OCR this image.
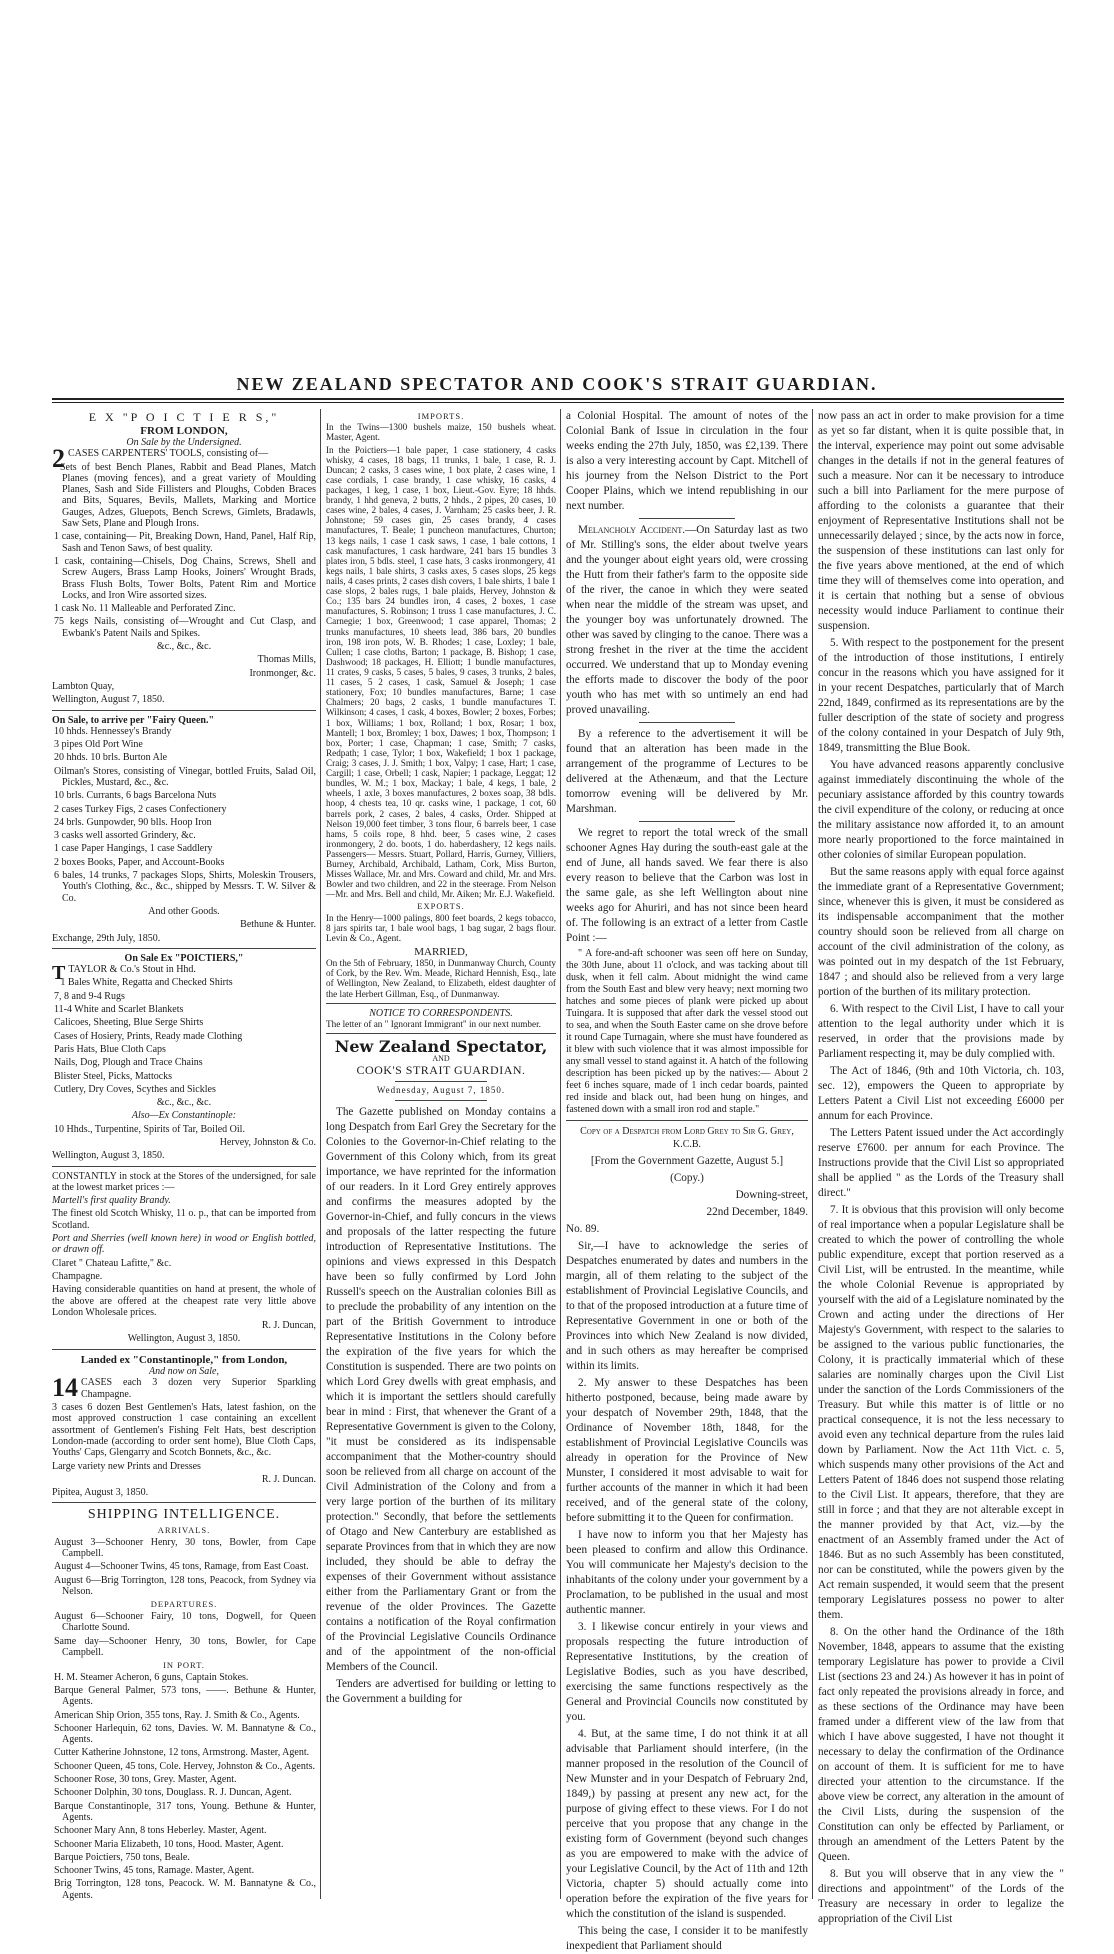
NEW ZEALAND SPECTATOR AND COOK'S STRAIT GUARDIAN.
E X "P O I C T I E R S,"
FROM LONDON,
On Sale by the Undersigned.

2 CASES CARPENTERS' TOOLS, consisting of—

Sets of best Bench Planes, Rabbit and Bead Planes, Match Planes (moving fences), and a great variety of Moulding Planes, Sash and Side Fillisters and Ploughs, Cobden Braces and Bits, Squares, Bevils, Mallets, Marking and Mortice Gauges, Adzes, Gluepots, Bench Screws, Gimlets, Bradawls, Saw Sets, Plane and Plough Irons.

1 case, containing— Pit, Breaking Down, Hand, Panel, Half Rip, Sash and Tenon Saws, of best quality.

1 cask, containing—Chisels, Dog Chains, Screws, Shell and Screw Augers, Brass Lamp Hooks, Joiners' Wrought Brads, Brass Flush Bolts, Tower Bolts, Patent Rim and Mortice Locks, and Iron Wire assorted sizes.

1 cask No. 11 Malleable and Perforated Zinc.

75 kegs Nails, consisting of—Wrought and Cut Clasp, and Ewbank's Patent Nails and Spikes.

&c., &c., &c.

Thomas Mills,

Ironmonger, &c.

Lambton Quay,

Wellington, August 7, 1850.

On Sale, to arrive per "Fairy Queen."

10 hhds. Hennessey's Brandy

3 pipes Old Port Wine

20 hhds. 10 brls. Burton Ale

Oilman's Stores, consisting of Vinegar, bottled Fruits, Salad Oil, Pickles, Mustard, &c., &c.

10 brls. Currants, 6 bags Barcelona Nuts

2 cases Turkey Figs, 2 cases Confectionery

24 brls. Gunpowder, 90 blls. Hoop Iron

3 casks well assorted Grindery, &c.

1 case Paper Hangings, 1 case Saddlery

2 boxes Books, Paper, and Account-Books

6 bales, 14 trunks, 7 packages Slops, Shirts, Moleskin Trousers, Youth's Clothing, &c., &c., shipped by Messrs. T. W. Silver & Co.

And other Goods.

Bethune & Hunter.

Exchange, 29th July, 1850.

On Sale Ex "POICTIERS,"

TTAYLOR & Co.'s Stout in Hhd.

1 Bales White, Regatta and Checked Shirts

7, 8 and 9-4 Rugs

11-4 White and Scarlet Blankets

Calicoes, Sheeting, Blue Serge Shirts

Cases of Hosiery, Prints, Ready made Clothing

Paris Hats, Blue Cloth Caps

Nails, Dog, Plough and Trace Chains

Blister Steel, Picks, Mattocks

Cutlery, Dry Coves, Scythes and Sickles

&c., &c., &c.

Also—Ex Constantinople:

10 Hhds., Turpentine, Spirits of Tar, Boiled Oil.

Hervey, Johnston & Co.

Wellington, August 3, 1850.

CONSTANTLY in stock at the Stores of the undersigned, for sale at the lowest market prices :—

Martell's first quality Brandy.

The finest old Scotch Whisky, 11 o. p., that can be imported from Scotland.

Port and Sherries (well known here) in wood or English bottled, or drawn off.

Claret " Chateau Lafitte," &c.

Champagne.

Having considerable quantities on hand at present, the whole of the above are offered at the cheapest rate very little above London Wholesale prices.

R. J. Duncan,

Wellington, August 3, 1850.

Landed ex "Constantinople," from London,
And now on Sale,

14 CASES each 3 dozen very Superior Sparkling Champagne.

3 cases 6 dozen Best Gentlemen's Hats, latest fashion, on the most approved construction 1 case containing an excellent assortment of Gentlemen's Fishing Felt Hats, best description London-made (according to order sent home), Blue Cloth Caps, Youths' Caps, Glengarry and Scotch Bonnets, &c., &c.

Large variety new Prints and Dresses

R. J. Duncan.

Pipitea, August 3, 1850.

SHIPPING INTELLIGENCE.
ARRIVALS.

August 3—Schooner Henry, 30 tons, Bowler, from Cape Campbell.

August 4—Schooner Twins, 45 tons, Ramage, from East Coast.

August 6—Brig Torrington, 128 tons, Peacock, from Sydney via Nelson.

DEPARTURES.

August 6—Schooner Fairy, 10 tons, Dogwell, for Queen Charlotte Sound.

Same day—Schooner Henry, 30 tons, Bowler, for Cape Campbell.

IN PORT.

H. M. Steamer Acheron, 6 guns, Captain Stokes.

Barque General Palmer, 573 tons, ——. Bethune & Hunter, Agents.

American Ship Orion, 355 tons, Ray. J. Smith & Co., Agents.

Schooner Harlequin, 62 tons, Davies. W. M. Bannatyne & Co., Agents.

Cutter Katherine Johnstone, 12 tons, Armstrong. Master, Agent.

Schooner Queen, 45 tons, Cole. Hervey, Johnston & Co., Agents.

Schooner Rose, 30 tons, Grey. Master, Agent.

Schooner Dolphin, 30 tons, Douglass. R. J. Duncan, Agent.

Barque Constantinople, 317 tons, Young. Bethune & Hunter, Agents.

Schooner Mary Ann, 8 tons Heberley. Master, Agent.

Schooner Maria Elizabeth, 10 tons, Hood. Master, Agent.

Barque Poictiers, 750 tons, Beale.

Schooner Twins, 45 tons, Ramage. Master, Agent.

Brig Torrington, 128 tons, Peacock. W. M. Bannatyne & Co., Agents.

IMPORTS.

In the Twins—1300 bushels maize, 150 bushels wheat. Master, Agent.

In the Poictiers—1 bale paper, 1 case stationery, 4 casks whisky, 4 cases, 18 bags, 11 trunks, 1 bale, 1 case, R. J. Duncan; 2 casks, 3 cases wine, 1 box plate, 2 cases wine, 1 case cordials, 1 case brandy, 1 case whisky, 16 casks, 4 packages, 1 keg, 1 case, 1 box, Lieut.-Gov. Eyre; 18 hhds. brandy, 1 hhd geneva, 2 butts, 2 hhds., 2 pipes, 20 cases, 10 cases wine, 2 bales, 4 cases, J. Varnham; 25 casks beer, J. R. Johnstone; 59 cases gin, 25 cases brandy, 4 cases manufactures, T. Beale; 1 puncheon manufactures, Churton; 13 kegs nails, 1 case 1 cask saws, 1 case, 1 bale cottons, 1 cask manufactures, 1 cask hardware, 241 bars 15 bundles 3 plates iron, 5 bdls. steel, 1 case hats, 3 casks ironmongery, 41 kegs nails, 1 bale shirts, 3 casks axes, 5 cases slops, 25 kegs nails, 4 cases prints, 2 cases dish covers, 1 bale shirts, 1 bale 1 case slops, 2 bales rugs, 1 bale plaids, Hervey, Johnston & Co.; 135 bars 24 bundles iron, 4 cases, 2 boxes, 1 case manufactures, S. Robinson; 1 truss 1 case manufactures, J. C. Carnegie; 1 box, Greenwood; 1 case apparel, Thomas; 2 trunks manufactures, 10 sheets lead, 386 bars, 20 bundles iron, 198 iron pots, W. B. Rhodes; 1 case, Loxley; 1 bale, Cullen; 1 case cloths, Barton; 1 package, B. Bishop; 1 case, Dashwood; 18 packages, H. Elliott; 1 bundle manufactures, 11 crates, 9 casks, 5 cases, 5 bales, 9 cases, 3 trunks, 2 bales, 11 cases, 5 2 cases, 1 cask, Samuel & Joseph; 1 case stationery, Fox; 10 bundles manufactures, Barne; 1 case Chalmers; 20 bags, 2 casks, 1 bundle manufactures T. Wilkinson; 4 cases, 1 cask, 4 boxes, Bowler; 2 boxes, Forbes; 1 box, Williams; 1 box, Rolland; 1 box, Rosar; 1 box, Mantell; 1 box, Bromley; 1 box, Dawes; 1 box, Thompson; 1 box, Porter; 1 case, Chapman; 1 case, Smith; 7 casks, Redpath; 1 case, Tylor; 1 box, Wakefield; 1 box 1 package, Craig; 3 cases, J. J. Smith; 1 box, Valpy; 1 case, Hart; 1 case, Cargill; 1 case, Orbell; 1 cask, Napier; 1 package, Leggat; 12 bundles, W. M.; 1 box, Mackay; 1 bale, 4 kegs, 1 bale, 2 wheels, 1 axle, 3 boxes manufactures, 2 boxes soap, 38 bdls. hoop, 4 chests tea, 10 qr. casks wine, 1 package, 1 cot, 60 barrels pork, 2 cases, 2 bales, 4 casks, Order. Shipped at Nelson 19,000 feet timber, 3 tons flour, 6 barrels beer, 1 case hams, 5 coils rope, 8 hhd. beer, 5 cases wine, 2 cases ironmongery, 2 do. boots, 1 do. haberdashery, 12 kegs nails. Passengers— Messrs. Stuart, Pollard, Harris, Gurney, Villiers, Burney, Archibald, Archibald, Latham, Cork, Miss Burton, Misses Wallace, Mr. and Mrs. Coward and child, Mr. and Mrs. Bowler and two children, and 22 in the steerage. From Nelson—Mr. and Mrs. Bell and child, Mr. Aiken; Mr. E.J. Wakefield.

EXPORTS.

In the Henry—1000 palings, 800 feet boards, 2 kegs tobacco, 8 jars spirits tar, 1 bale wool bags, 1 bag sugar, 2 bags flour. Levin & Co., Agent.

MARRIED,

On the 5th of February, 1850, in Dunmanway Church, County of Cork, by the Rev. Wm. Meade, Richard Hennish, Esq., late of Wellington, New Zealand, to Elizabeth, eldest daughter of the late Herbert Gillman, Esq., of Dunmanway.

NOTICE TO CORRESPONDENTS.

The letter of an " Ignorant Immigrant" in our next number.

New Zealand Spectator,
AND
COOK'S STRAIT GUARDIAN.
Wednesday, August 7, 1850.

The Gazette published on Monday contains a long Despatch from Earl Grey the Secretary for the Colonies to the Governor-in-Chief relating to the Government of this Colony which, from its great importance, we have reprinted for the information of our readers. In it Lord Grey entirely approves and confirms the measures adopted by the Governor-in-Chief, and fully concurs in the views and proposals of the latter respecting the future introduction of Representative Institutions. The opinions and views expressed in this Despatch have been so fully confirmed by Lord John Russell's speech on the Australian colonies Bill as to preclude the probability of any intention on the part of the British Government to introduce Representative Institutions in the Colony before the expiration of the five years for which the Constitution is suspended. There are two points on which Lord Grey dwells with great emphasis, and which it is important the settlers should carefully bear in mind : First, that whenever the Grant of a Representative Government is given to the Colony, "it must be considered as its indispensable accompaniment that the Mother-country should soon be relieved from all charge on account of the Civil Administration of the Colony and from a very large portion of the burthen of its military protection." Secondly, that before the settlements of Otago and New Canterbury are established as separate Provinces from that in which they are now included, they should be able to defray the expenses of their Government without assistance either from the Parliamentary Grant or from the revenue of the older Provinces. The Gazette contains a notification of the Royal confirmation of the Provincial Legislative Councils Ordinance and of the appointment of the non-official Members of the Council.

Tenders are advertised for building or letting to the Government a building for

a Colonial Hospital. The amount of notes of the Colonial Bank of Issue in circulation in the four weeks ending the 27th July, 1850, was £2,139. There is also a very interesting account by Capt. Mitchell of his journey from the Nelson District to the Port Cooper Plains, which we intend republishing in our next number.

Melancholy Accident.—On Saturday last as two of Mr. Stilling's sons, the elder about twelve years and the younger about eight years old, were crossing the Hutt from their father's farm to the opposite side of the river, the canoe in which they were seated when near the middle of the stream was upset, and the younger boy was unfortunately drowned. The other was saved by clinging to the canoe. There was a strong freshet in the river at the time the accident occurred. We understand that up to Monday evening the efforts made to discover the body of the poor youth who has met with so untimely an end had proved unavailing.

By a reference to the advertisement it will be found that an alteration has been made in the arrangement of the programme of Lectures to be delivered at the Athenæum, and that the Lecture tomorrow evening will be delivered by Mr. Marshman.

We regret to report the total wreck of the small schooner Agnes Hay during the south-east gale at the end of June, all hands saved. We fear there is also every reason to believe that the Carbon was lost in the same gale, as she left Wellington about nine weeks ago for Ahuriri, and has not since been heard of. The following is an extract of a letter from Castle Point :—

" A fore-and-aft schooner was seen off here on Sunday, the 30th June, about 11 o'clock, and was tacking about till dusk, when it fell calm. About midnight the wind came from the South East and blew very heavy; next morning two hatches and some pieces of plank were picked up about Tuingara. It is supposed that after dark the vessel stood out to sea, and when the South Easter came on she drove before it round Cape Turnagain, where she must have foundered as it blew with such violence that it was almost impossible for any small vessel to stand against it. A hatch of the following description has been picked up by the natives:— About 2 feet 6 inches square, made of 1 inch cedar boards, painted red inside and black out, had been hung on hinges, and fastened down with a small iron rod and staple."

Copy of a Despatch from Lord Grey to Sir G. Grey, K.C.B.

[From the Government Gazette, August 5.]

(Copy.)

Downing-street,

22nd December, 1849.

No. 89.

Sir,—I have to acknowledge the series of Despatches enumerated by dates and numbers in the margin, all of them relating to the subject of the establishment of Provincial Legislative Councils, and to that of the proposed introduction at a future time of Representative Government in one or both of the Provinces into which New Zealand is now divided, and in such others as may hereafter be comprised within its limits.

2. My answer to these Despatches has been hitherto postponed, because, being made aware by your despatch of November 29th, 1848, that the Ordinance of November 18th, 1848, for the establishment of Provincial Legislative Councils was already in operation for the Province of New Munster, I considered it most advisable to wait for further accounts of the manner in which it had been received, and of the general state of the colony, before submitting it to the Queen for confirmation.

I have now to inform you that her Majesty has been pleased to confirm and allow this Ordinance. You will communicate her Majesty's decision to the inhabitants of the colony under your government by a Proclamation, to be published in the usual and most authentic manner.

3. I likewise concur entirely in your views and proposals respecting the future introduction of Representative Institutions, by the creation of Legislative Bodies, such as you have described, exercising the same functions respectively as the General and Provincial Councils now constituted by you.

4. But, at the same time, I do not think it at all advisable that Parliament should interfere, (in the manner proposed in the resolution of the Council of New Munster and in your Despatch of February 2nd, 1849,) by passing at present any new act, for the purpose of giving effect to these views. For I do not perceive that you propose that any change in the existing form of Government (beyond such changes as you are empowered to make with the advice of your Legislative Council, by the Act of 11th and 12th Victoria, chapter 5) should actually come into operation before the expiration of the five years for which the constitution of the island is suspended.

This being the case, I consider it to be manifestly inexpedient that Parliament should

now pass an act in order to make provision for a time as yet so far distant, when it is quite possible that, in the interval, experience may point out some advisable changes in the details if not in the general features of such a measure. Nor can it be necessary to introduce such a bill into Parliament for the mere purpose of affording to the colonists a guarantee that their enjoyment of Representative Institutions shall not be unnecessarily delayed ; since, by the acts now in force, the suspension of these institutions can last only for the five years above mentioned, at the end of which time they will of themselves come into operation, and it is certain that nothing but a sense of obvious necessity would induce Parliament to continue their suspension.

5. With respect to the postponement for the present of the introduction of those institutions, I entirely concur in the reasons which you have assigned for it in your recent Despatches, particularly that of March 22nd, 1849, confirmed as its representations are by the fuller description of the state of society and progress of the colony contained in your Despatch of July 9th, 1849, transmitting the Blue Book.

You have advanced reasons apparently conclusive against immediately discontinuing the whole of the pecuniary assistance afforded by this country towards the civil expenditure of the colony, or reducing at once the military assistance now afforded it, to an amount more nearly proportioned to the force maintained in other colonies of similar European population.

But the same reasons apply with equal force against the immediate grant of a Representative Government; since, whenever this is given, it must be considered as its indispensable accompaniment that the mother country should soon be relieved from all charge on account of the civil administration of the colony, as was pointed out in my despatch of the 1st February, 1847 ; and should also be relieved from a very large portion of the burthen of its military protection.

6. With respect to the Civil List, I have to call your attention to the legal authority under which it is reserved, in order that the provisions made by Parliament respecting it, may be duly complied with.

The Act of 1846, (9th and 10th Victoria, ch. 103, sec. 12), empowers the Queen to appropriate by Letters Patent a Civil List not exceeding £6000 per annum for each Province.

The Letters Patent issued under the Act accordingly reserve £7600. per annum for each Province. The Instructions provide that the Civil List so appropriated shall be applied " as the Lords of the Treasury shall direct."

7. It is obvious that this provision will only become of real importance when a popular Legislature shall be created to which the power of controlling the whole public expenditure, except that portion reserved as a Civil List, will be entrusted. In the meantime, while the whole Colonial Revenue is appropriated by yourself with the aid of a Legislature nominated by the Crown and acting under the directions of Her Majesty's Government, with respect to the salaries to be assigned to the various public functionaries, the Colony, it is practically immaterial which of these salaries are nominally charges upon the Civil List under the sanction of the Lords Commissioners of the Treasury. But while this matter is of little or no practical consequence, it is not the less necessary to avoid even any technical departure from the rules laid down by Parliament. Now the Act 11th Vict. c. 5, which suspends many other provisions of the Act and Letters Patent of 1846 does not suspend those relating to the Civil List. It appears, therefore, that they are still in force ; and that they are not alterable except in the manner provided by that Act, viz.—by the enactment of an Assembly framed under the Act of 1846. But as no such Assembly has been constituted, nor can be constituted, while the powers given by the Act remain suspended, it would seem that the present temporary Legislatures possess no power to alter them.

8. On the other hand the Ordinance of the 18th November, 1848, appears to assume that the existing temporary Legislature has power to provide a Civil List (sections 23 and 24.) As however it has in point of fact only repeated the provisions already in force, and as these sections of the Ordinance may have been framed under a different view of the law from that which I have above suggested, I have not thought it necessary to delay the confirmation of the Ordinance on account of them. It is sufficient for me to have directed your attention to the circumstance. If the above view be correct, any alteration in the amount of the Civil Lists, during the suspension of the Constitution can only be effected by Parliament, or through an amendment of the Letters Patent by the Queen.

8. But you will observe that in any view the " directions and appointment" of the Lords of the Treasury are necessary in order to legalize the appropriation of the Civil List
